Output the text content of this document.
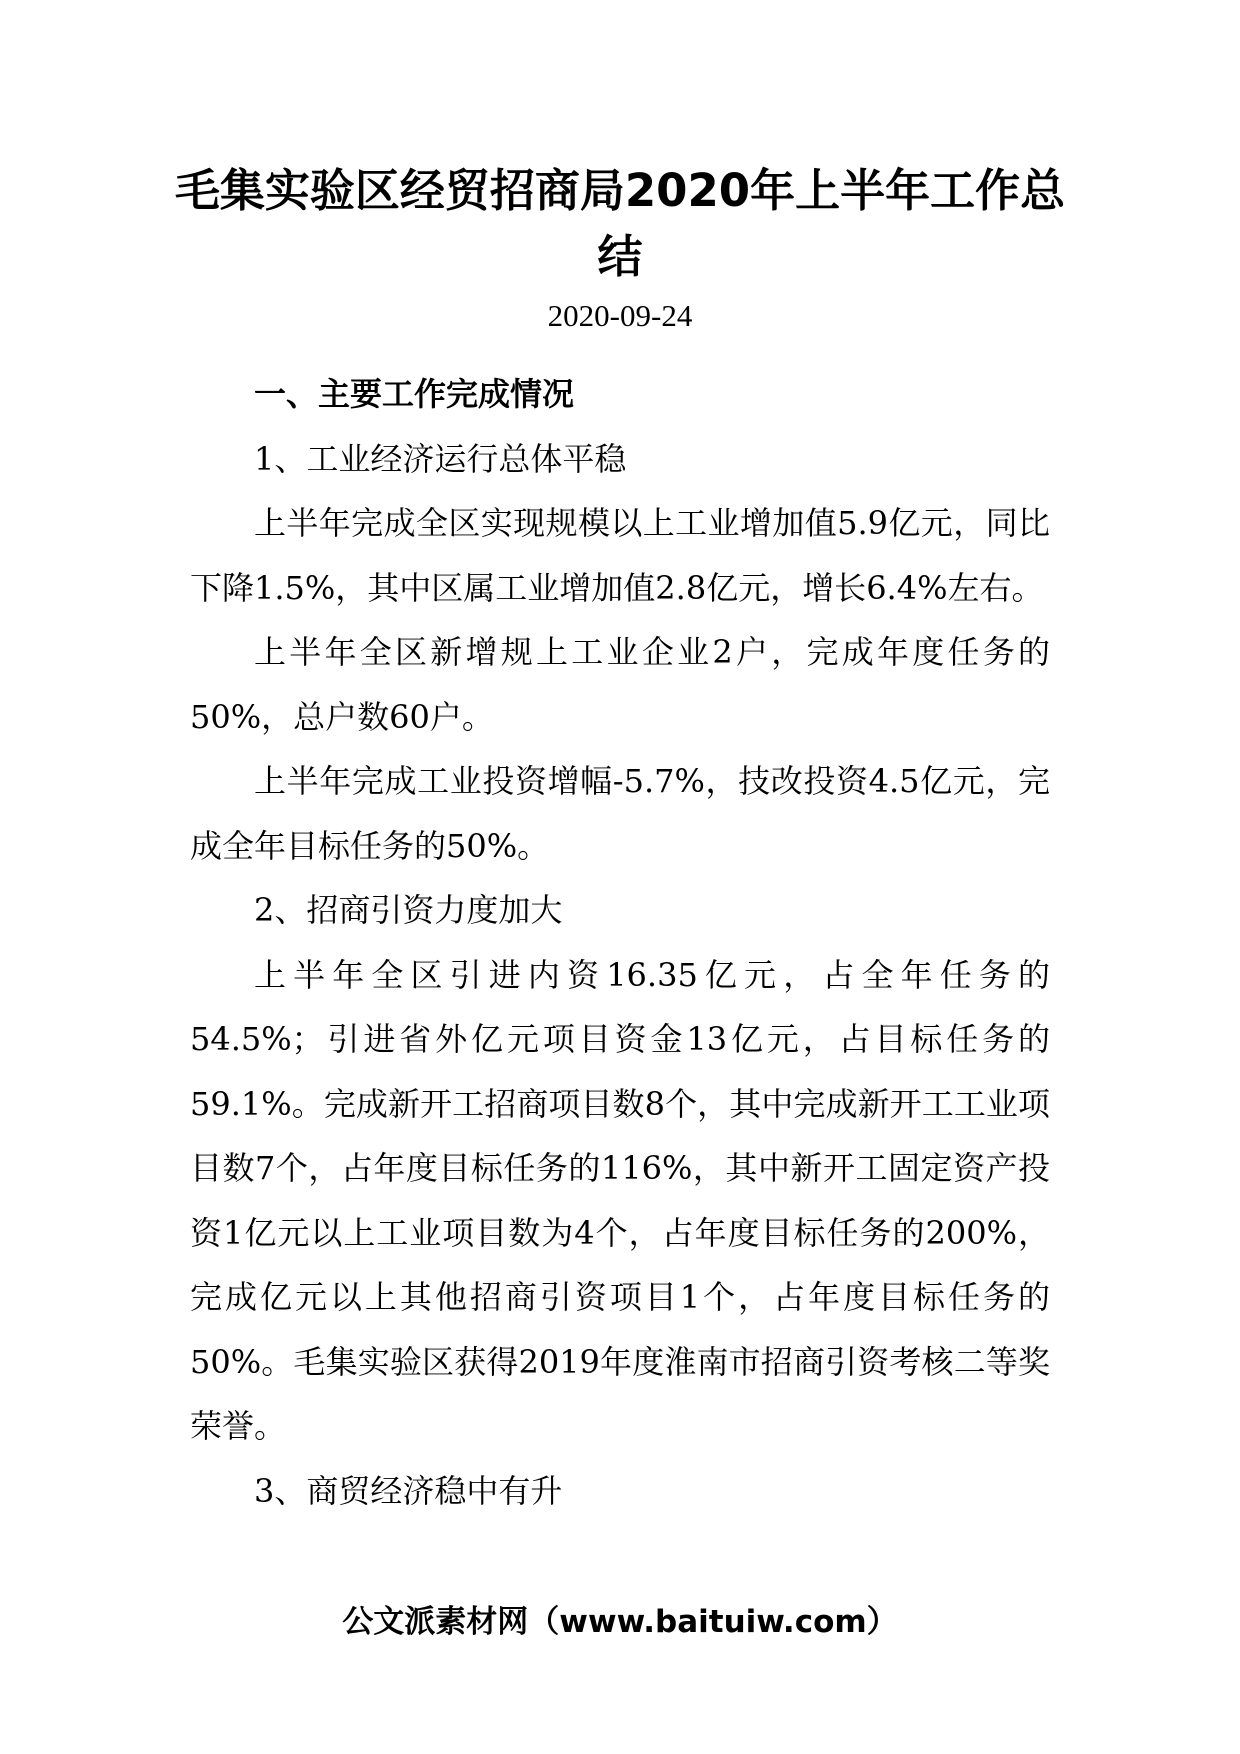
毛集实验区经贸招商局2020年上半年工作总结
2020-09-24

一、主要工作完成情况

1、工业经济运行总体平稳

上半年完成全区实现规模以上工业增加值5.9亿元，同比下降1.5%，其中区属工业增加值2.8亿元，增长6.4%左右。

上半年全区新增规上工业企业2户，完成年度任务的50%，总户数60户。

上半年完成工业投资增幅-5.7%，技改投资4.5亿元，完成全年目标任务的50%。

2、招商引资力度加大

上半年全区引进内资16.35亿元，占全年任务的54.5%；引进省外亿元项目资金13亿元，占目标任务的59.1%。完成新开工招商项目数8个，其中完成新开工工业项目数7个，占年度目标任务的116%，其中新开工固定资产投资1亿元以上工业项目数为4个，占年度目标任务的200%，完成亿元以上其他招商引资项目1个，占年度目标任务的50%。毛集实验区获得2019年度淮南市招商引资考核二等奖荣誉。

3、商贸经济稳中有升

公文派素材网（www.baituiw.com）
